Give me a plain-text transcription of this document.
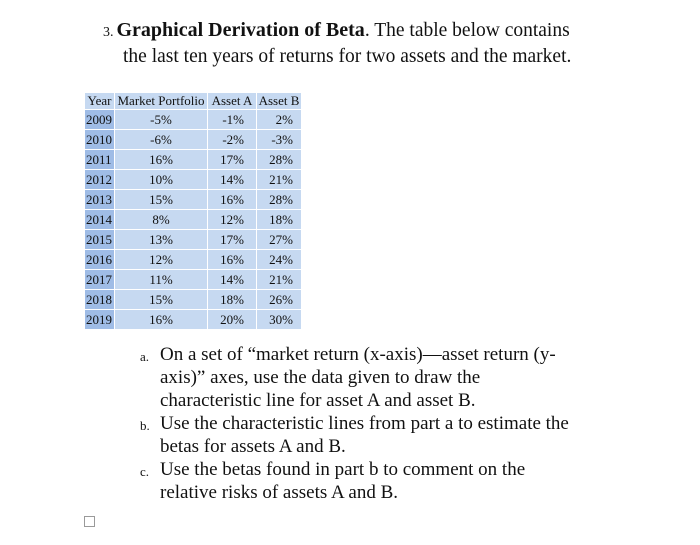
3. Graphical Derivation of Beta. The table below contains
the last ten years of returns for two assets and the market.
Year	Market Portfolio	Asset A	Asset B
2009	-5%	-1%	2%
2010	-6%	-2%	-3%
2011	16%	17%	28%
2012	10%	14%	21%
2013	15%	16%	28%
2014	8%	12%	18%
2015	13%	17%	27%
2016	12%	16%	24%
2017	11%	14%	21%
2018	15%	18%	26%
2019	16%	20%	30%
a. On a set of “market return (x-axis)—asset return (y-
axis)” axes, use the data given to draw the
characteristic line for asset A and asset B.
b. Use the characteristic lines from part a to estimate the
betas for assets A and B.
c. Use the betas found in part b to comment on the
relative risks of assets A and B.
